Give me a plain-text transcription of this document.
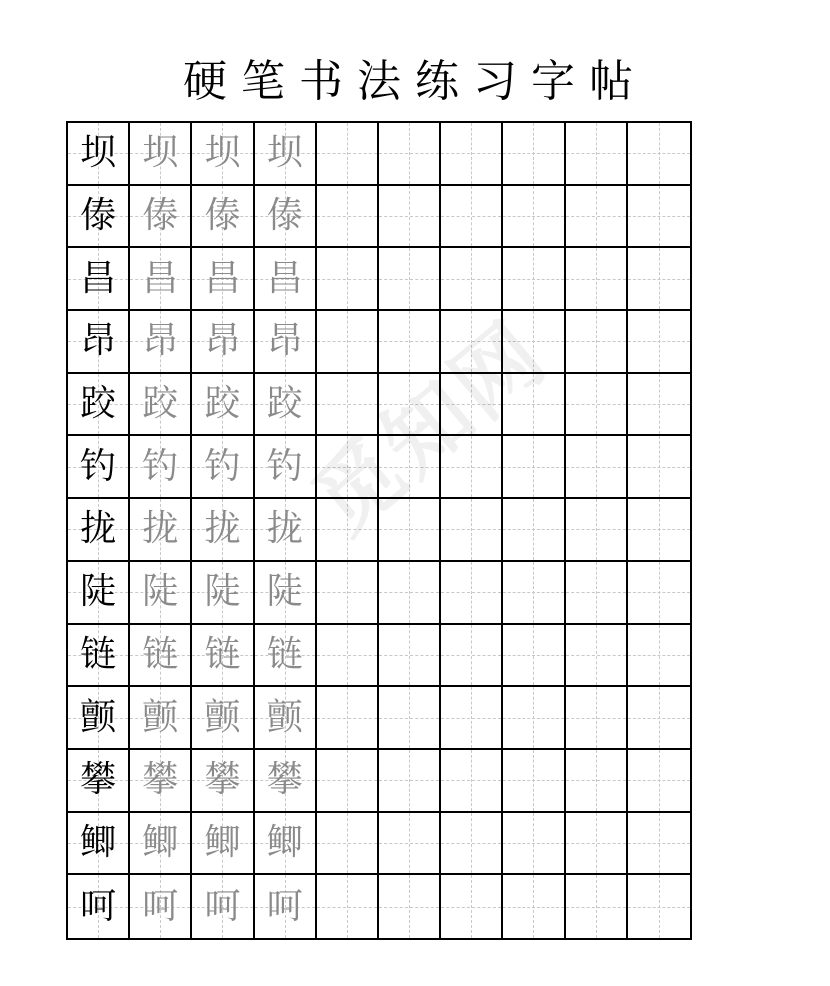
硬笔书法练习字帖
坝 坝 坝 坝
傣 傣 傣 傣
昌 昌 昌 昌
昂 昂 昂 昂
跤 跤 跤 跤
钓 钓 钓 钓
拢 拢 拢 拢
陡 陡 陡 陡
链 链 链 链
颤 颤 颤 颤
攀 攀 攀 攀
鲫 鲫 鲫 鲫
呵 呵 呵 呵
觅知网
